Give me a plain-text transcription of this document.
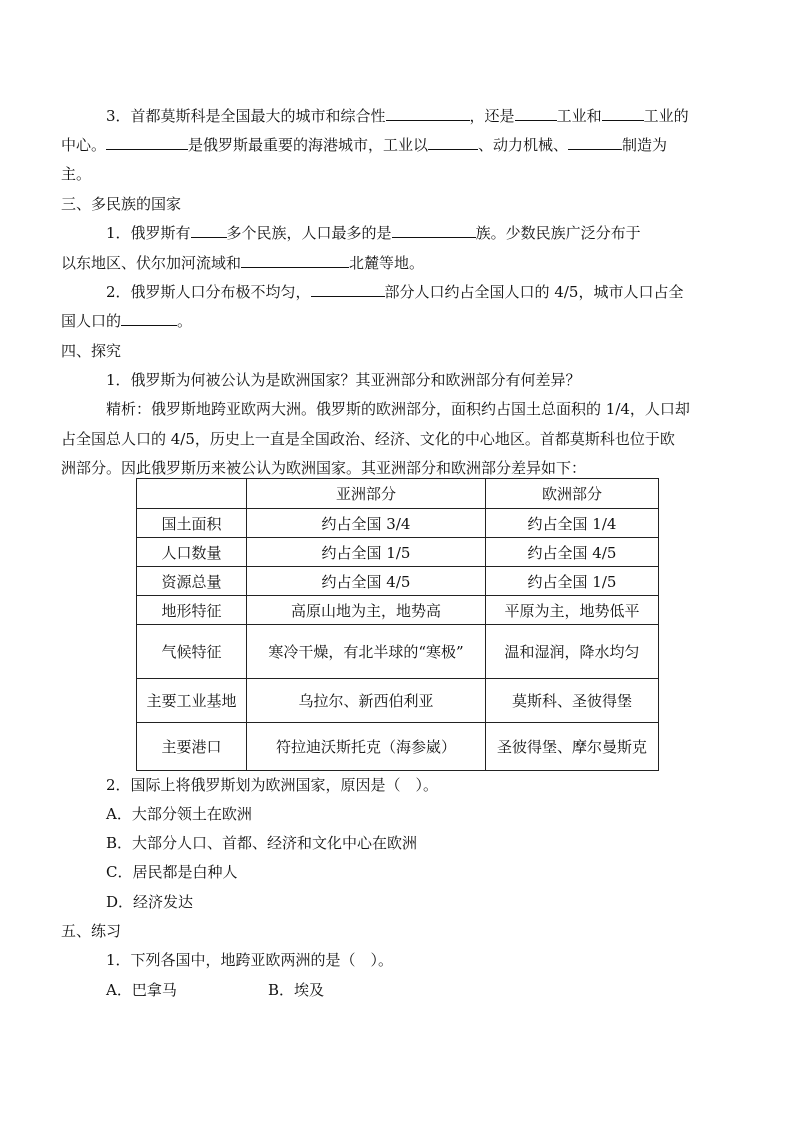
3．首都莫斯科是全国最大的城市和综合性	，还是	工业和	工业的
中心。	是俄罗斯最重要的海港城市，工业以	、动力机械、	制造为
主。
三、多民族的国家
1．俄罗斯有 多个民族，人口最多的是	族。少数民族广泛分布于
以东地区、伏尔加河流域和	北麓等地。
2．俄罗斯人口分布极不均匀，	部分人口约占全国人口的 4/5，城市人口占全
国人口的	。
四、探究
1．俄罗斯为何被公认为是欧洲国家？其亚洲部分和欧洲部分有何差异？
精析：俄罗斯地跨亚欧两大洲。俄罗斯的欧洲部分，面积约占国土总面积的 1/4，人口却
占全国总人口的 4/5，历史上一直是全国政治、经济、文化的中心地区。首都莫斯科也位于欧
洲部分。因此俄罗斯历来被公认为欧洲国家。其亚洲部分和欧洲部分差异如下：
	亚洲部分	欧洲部分
国土面积	约占全国 3/4	约占全国 1/4
人口数量	约占全国 1/5	约占全国 4/5
资源总量	约占全国 4/5	约占全国 1/5
地形特征	高原山地为主，地势高	平原为主，地势低平
气候特征	寒冷干燥，有北半球的“寒极”	温和湿润，降水均匀
主要工业基地	乌拉尔、新西伯利亚	莫斯科、圣彼得堡
主要港口	符拉迪沃斯托克（海参崴）	圣彼得堡、摩尔曼斯克
2．国际上将俄罗斯划为欧洲国家，原因是（　）。
A．大部分领土在欧洲
B．大部分人口、首都、经济和文化中心在欧洲
C．居民都是白种人
D．经济发达
五、练习
1．下列各国中，地跨亚欧两洲的是（　）。
A．巴拿马	B．埃及
